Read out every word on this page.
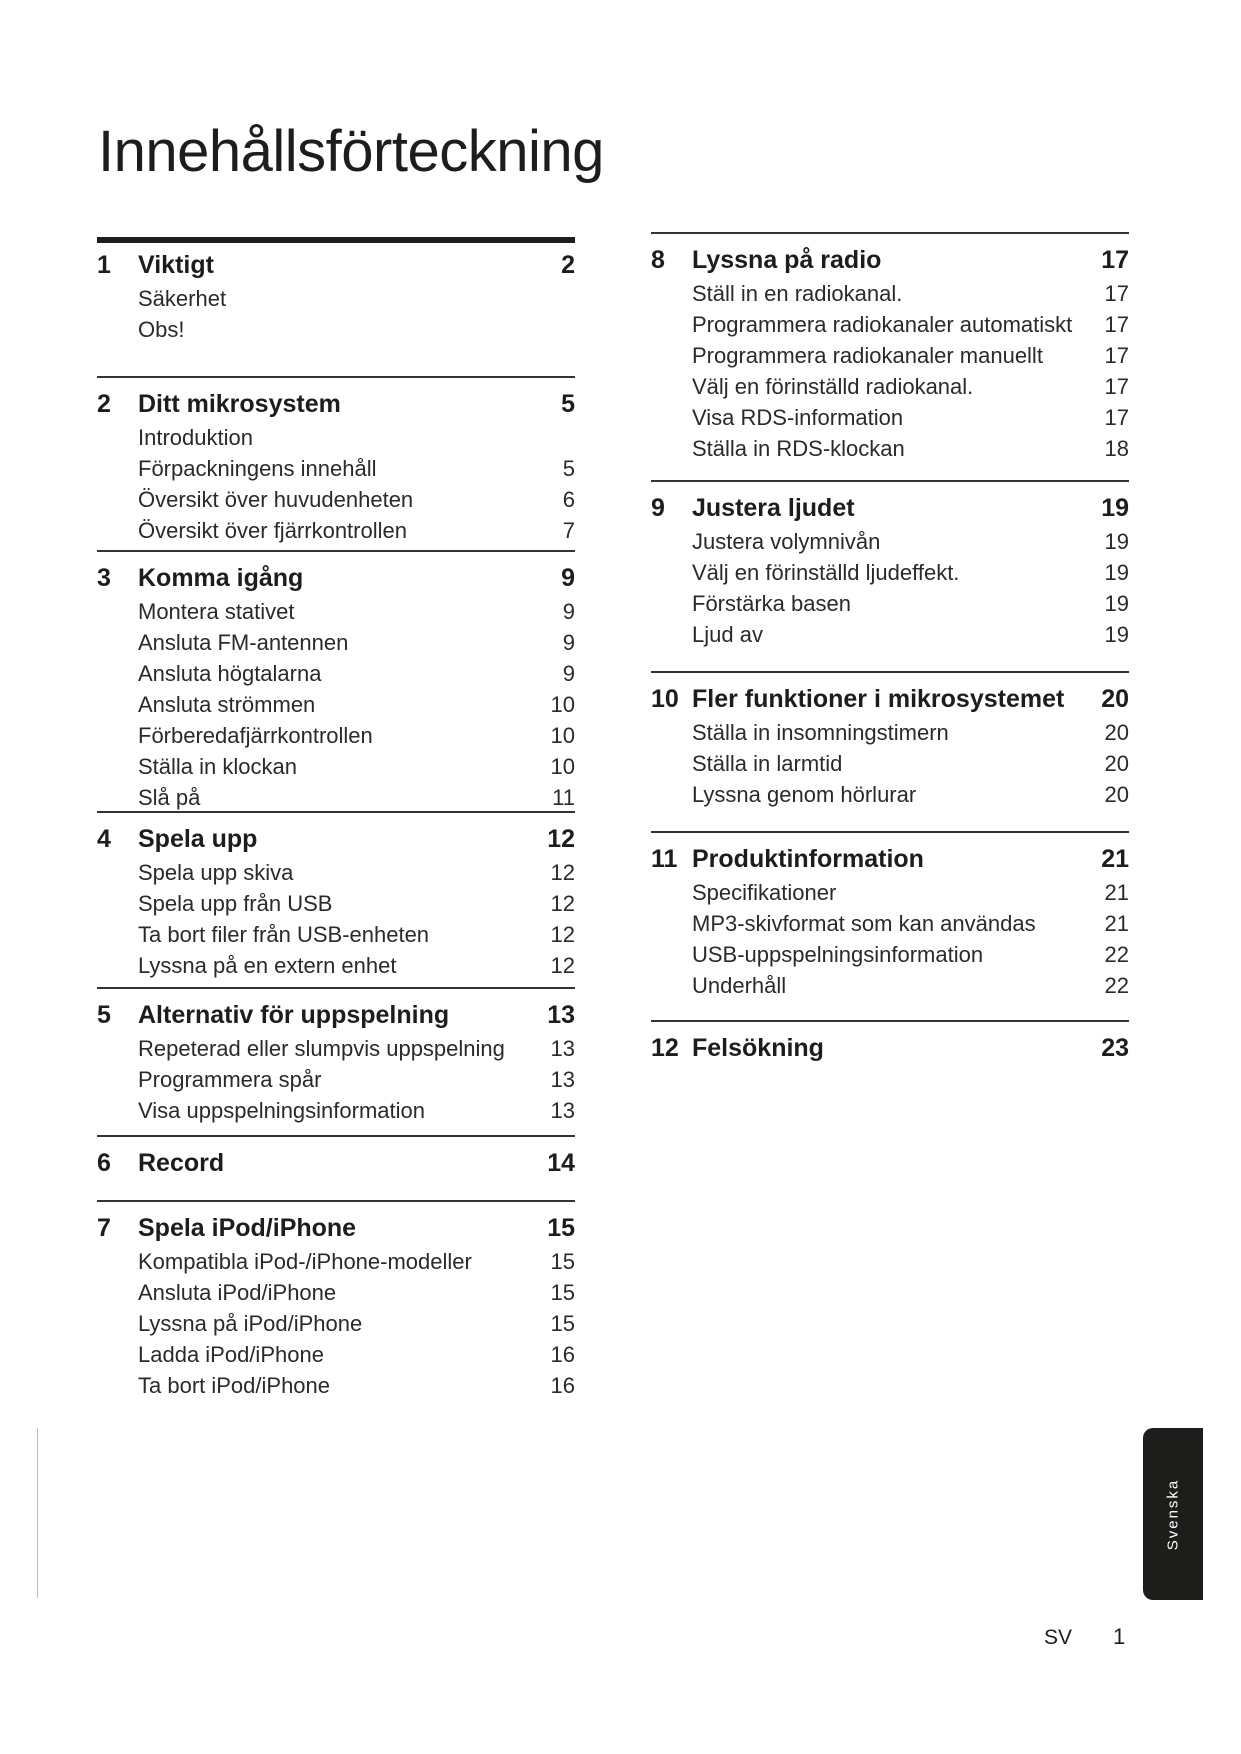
Innehållsförteckning
1 Viktigt	2
Säkerhet
Obs!
2 Ditt mikrosystem	5
Introduktion
Förpackningens innehåll	5
Översikt över huvudenheten	6
Översikt över fjärrkontrollen	7
3 Komma igång	9
Montera stativet	9
Ansluta FM-antennen	9
Ansluta högtalarna	9
Ansluta strömmen	10
Förberedafjärrkontrollen	10
Ställa in klockan	10
Slå på	11
4 Spela upp	12
Spela upp skiva	12
Spela upp från USB	12
Ta bort filer från USB-enheten	12
Lyssna på en extern enhet	12
5 Alternativ för uppspelning	13
Repeterad eller slumpvis uppspelning 13
Programmera spår	13
Visa uppspelningsinformation	13
6 Record	14
7 Spela iPod/iPhone	15
Kompatibla iPod-/iPhone-modeller	15
Ansluta iPod/iPhone	15
Lyssna på iPod/iPhone	15
Ladda iPod/iPhone	16
Ta bort iPod/iPhone	16
8 Lyssna på radio	17
Ställ in en radiokanal.	17
Programmera radiokanaler automatiskt 17
Programmera radiokanaler manuellt	17
Välj en förinställd radiokanal.	17
Visa RDS-information	17
Ställa in RDS-klockan	18
9 Justera ljudet	19
Justera volymnivån	19
Välj en förinställd ljudeffekt.	19
Förstärka basen	19
Ljud av	19
10 Fler funktioner i mikrosystemet 20
Ställa in insomningstimern	20
Ställa in larmtid	20
Lyssna genom hörlurar	20
11 Produktinformation	21
Specifikationer	21
MP3-skivformat som kan användas	21
USB-uppspelningsinformation	22
Underhåll	22
12 Felsökning	23
Svenska
SV 1
